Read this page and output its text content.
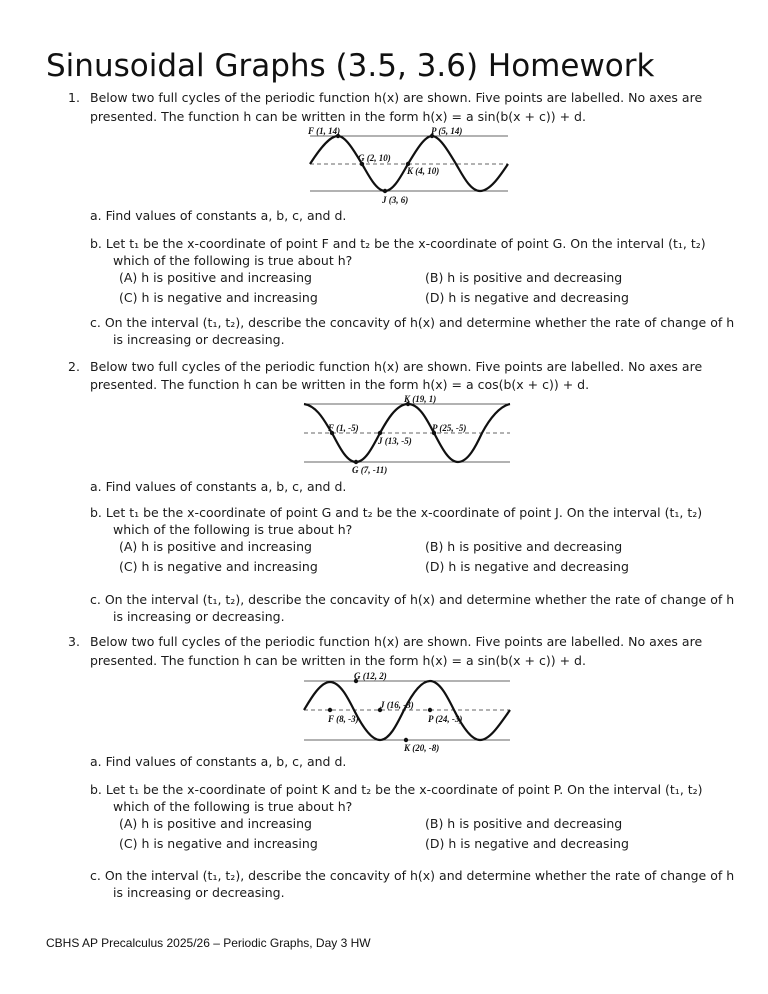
Sinusoidal Graphs (3.5, 3.6) Homework
1. Below two full cycles of the periodic function h(x) are shown. Five points are labelled. No axes are
presented. The function h can be written in the form h(x) = a sin(b(x + c)) + d.
F (1, 14)	P (5, 14)
G (2, 10)
K (4, 10)
J (3, 6)
a. Find values of constants a, b, c, and d.
b. Let t₁ be the x-coordinate of point F and t₂ be the x-coordinate of point G. On the interval (t₁, t₂)
which of the following is true about h?
(A) h is positive and increasing	(B) h is positive and decreasing
(C) h is negative and increasing	(D) h is negative and decreasing
c. On the interval (t₁, t₂), describe the concavity of h(x) and determine whether the rate of change of h
is increasing or decreasing.
2. Below two full cycles of the periodic function h(x) are shown. Five points are labelled. No axes are
presented. The function h can be written in the form h(x) = a cos(b(x + c)) + d.
K (19, 1)
F (1, -5)	P (25, -5)
J (13, -5)
G (7, -11)
a. Find values of constants a, b, c, and d.
b. Let t₁ be the x-coordinate of point G and t₂ be the x-coordinate of point J. On the interval (t₁, t₂)
which of the following is true about h?
(A) h is positive and increasing	(B) h is positive and decreasing
(C) h is negative and increasing	(D) h is negative and decreasing
c. On the interval (t₁, t₂), describe the concavity of h(x) and determine whether the rate of change of h
is increasing or decreasing.
3. Below two full cycles of the periodic function h(x) are shown. Five points are labelled. No axes are
presented. The function h can be written in the form h(x) = a sin(b(x + c)) + d.
G (12, 2)
J (16, -3)
F (8, -3)	P (24, -3)
K (20, -8)
a. Find values of constants a, b, c, and d.
b. Let t₁ be the x-coordinate of point K and t₂ be the x-coordinate of point P. On the interval (t₁, t₂)
which of the following is true about h?
(A) h is positive and increasing	(B) h is positive and decreasing
(C) h is negative and increasing	(D) h is negative and decreasing
c. On the interval (t₁, t₂), describe the concavity of h(x) and determine whether the rate of change of h
is increasing or decreasing.
CBHS AP Precalculus 2025/26 – Periodic Graphs, Day 3 HW
